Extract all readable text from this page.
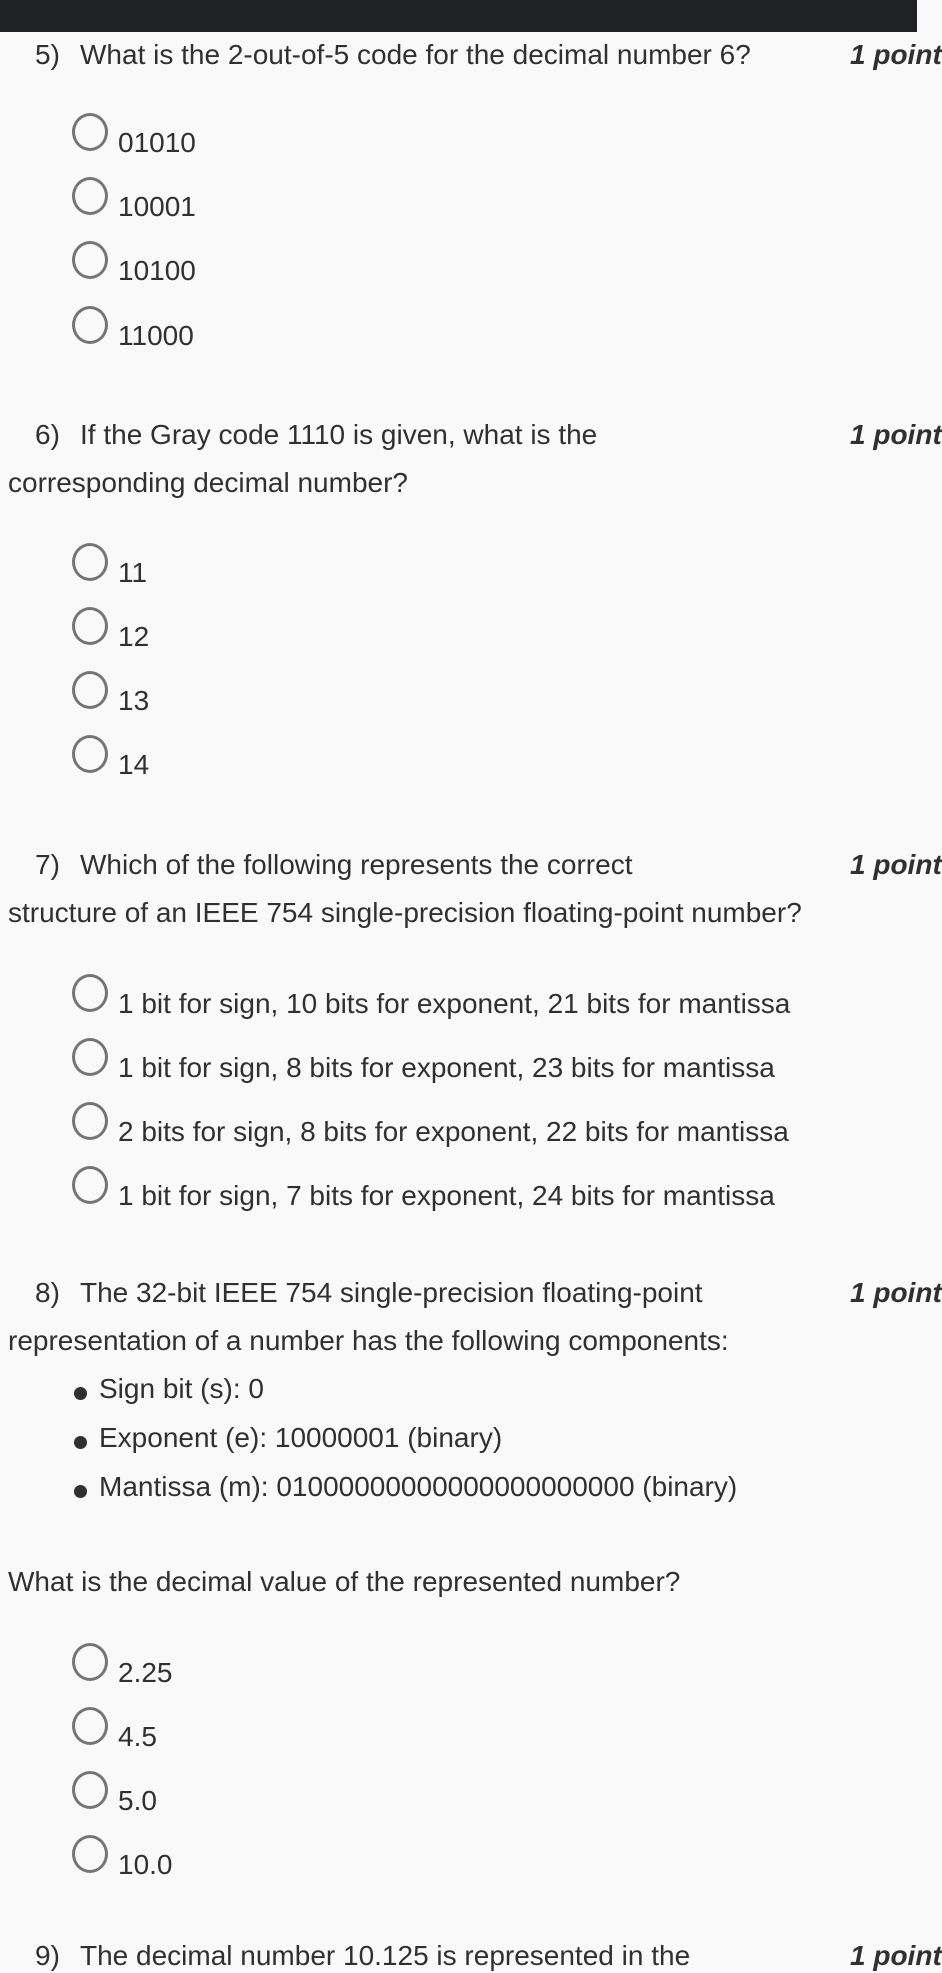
5) What is the 2-out-of-5 code for the decimal number 6?	1 point
01010
10001
10100
11000
6) If the Gray code 1110 is given, what is the	1 point
corresponding decimal number?
11
12
13
14
7) Which of the following represents the correct	1 point
structure of an IEEE 754 single-precision floating-point number?
1 bit for sign, 10 bits for exponent, 21 bits for mantissa
1 bit for sign, 8 bits for exponent, 23 bits for mantissa
2 bits for sign, 8 bits for exponent, 22 bits for mantissa
1 bit for sign, 7 bits for exponent, 24 bits for mantissa
8) The 32-bit IEEE 754 single-precision floating-point	1 point
representation of a number has the following components:
Sign bit (s): 0
Exponent (e): 10000001 (binary)
Mantissa (m): 01000000000000000000000 (binary)
What is the decimal value of the represented number?
2.25
4.5
5.0
10.0
9) The decimal number 10.125 is represented in the	1 point
